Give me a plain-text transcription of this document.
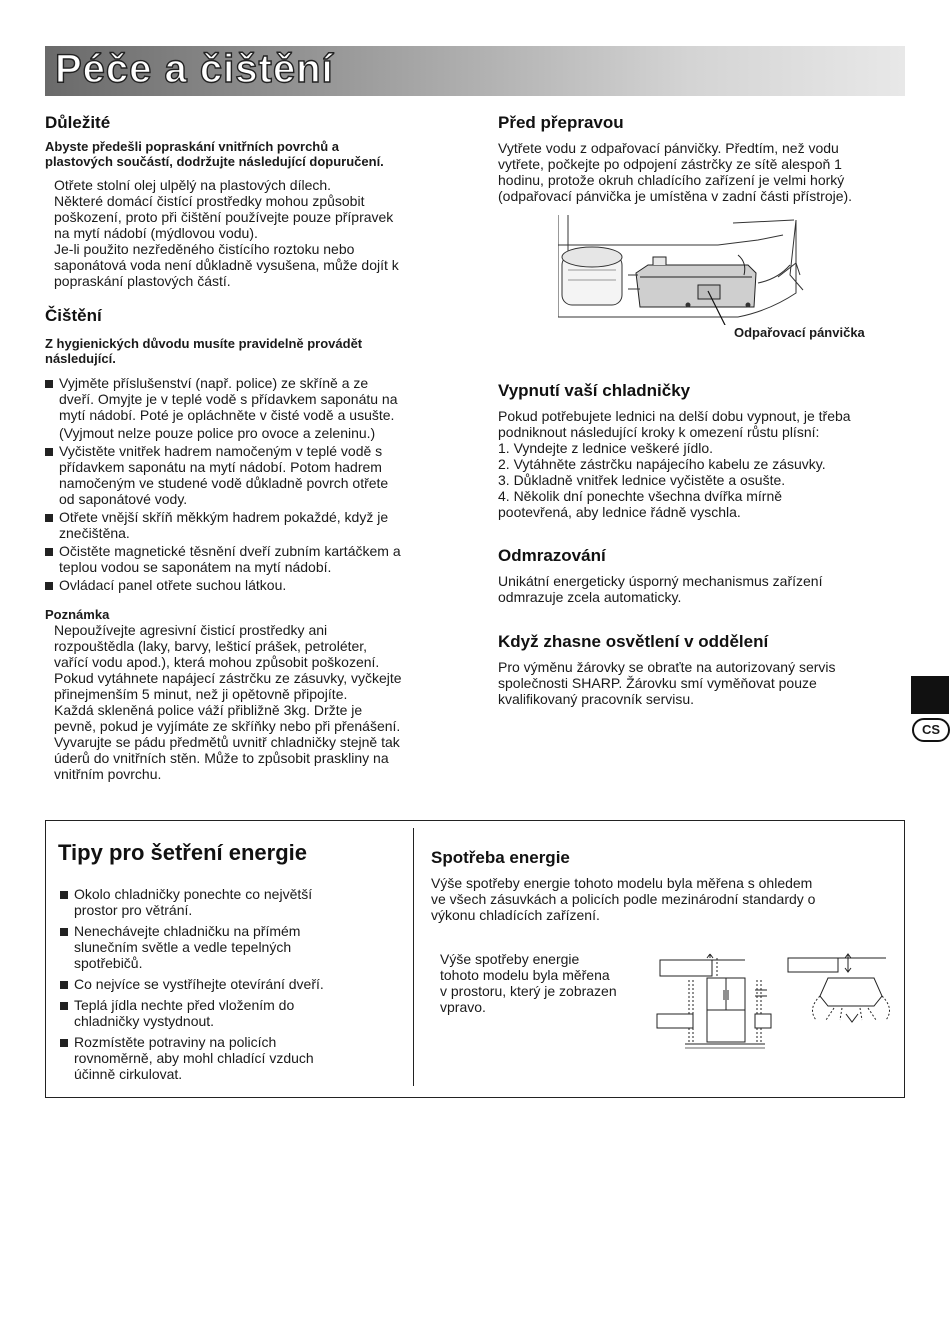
Péče a čištění
Důležité

Abyste předešli popraskání vnitřních povrchů a

plastových součástí, dodržujte následující dopuručení.

Otřete stolní olej ulpělý na plastových dílech.

Některé domácí čistící prostředky mohou způsobit

poškození, proto při čištění používejte pouze přípravek

na mytí nádobí (mýdlovou vodu).

Je-li použito nezředěného čistícího roztoku nebo

saponátová voda není důkladně vysušena, může dojít k

popraskání plastových částí.

Čištění

Z hygienických důvodu musíte pravidelně provádět

následující.

Vyjměte příslušenství (např. police) ze skříně a ze
dveří. Omyjte je v teplé vodě s přídavkem saponátu na
mytí nádobí. Poté je opláchněte v čisté vodě a usušte.
(Vyjmout nelze pouze police pro ovoce a zeleninu.)
Vyčistěte vnitřek hadrem namočeným v teplé vodě s
přídavkem saponátu na mytí nádobí. Potom hadrem
namočeným ve studené vodě důkladně povrch otřete
od saponátové vody.
Otřete vnější skříň měkkým hadrem pokaždé, když je
znečištěna.
Očistěte magnetické těsnění dveří zubním kartáčkem a
teplou vodou se saponátem na mytí nádobí.
Ovládací panel otřete suchou látkou.

Poznámka

Nepoužívejte agresivní čisticí prostředky ani

rozpouštědla (laky, barvy, lešticí prášek, petroléter,

vařící vodu apod.), která mohou způsobit poškození.

Pokud vytáhnete napájecí zástrčku ze zásuvky, vyčkejte

přinejmenším 5 minut, než ji opětovně připojíte.

Každá skleněná police váží přibližně 3kg. Držte je

pevně, pokud je vyjímáte ze skříňky nebo při přenášení.

Vyvarujte se pádu předmětů uvnitř chladničky stejně tak

úderů do vnitřních stěn. Může to způsobit praskliny na

vnitřním povrchu.

Před přepravou

Vytřete vodu z odpařovací pánvičky. Předtím, než vodu

vytřete, počkejte po odpojení zástrčky ze sítě alespoň 1

hodinu, protože okruh chladícího zařízení je velmi horký

(odpařovací pánvička je umístěna v zadní části přístroje).

Odpařovací pánvička
Vypnutí vaší chladničky

Pokud potřebujete lednici na delší dobu vypnout, je třeba

podniknout následující kroky k omezení růstu plísní:

1. Vyndejte z lednice veškeré jídlo.

2. Vytáhněte zástrčku napájecího kabelu ze zásuvky.

3. Důkladně vnitřek lednice vyčistěte a osušte.

4. Několik dní ponechte všechna dvířka mírně

pootevřená, aby lednice řádně vyschla.

Odmrazování

Unikátní energeticky úsporný mechanismus zařízení

odmrazuje zcela automaticky.

Když zhasne osvětlení v oddělení

Pro výměnu žárovky se obraťte na autorizovaný servis

společnosti SHARP. Žárovku smí vyměňovat pouze

kvalifikovaný pracovník servisu.

CS
Tipy pro šetření energie
Okolo chladničky ponechte co největší
prostor pro větrání.
Nenechávejte chladničku na přímém
slunečním světle a vedle tepelných
spotřebičů.
Co nejvíce se vystříhejte otevírání dveří.
Teplá jídla nechte před vložením do
chladničky vystydnout.
Rozmístěte potraviny na policích
rovnoměrně, aby mohl chladící vzduch
účinně cirkulovat.
Spotřeba energie

Výše spotřeby energie tohoto modelu byla měřena s ohledem

ve všech zásuvkách a policích podle mezinárodní standardy o

výkonu chladících zařízení.

Výše spotřeby energie

tohoto modelu byla měřena

v prostoru, který je zobrazen

vpravo.
